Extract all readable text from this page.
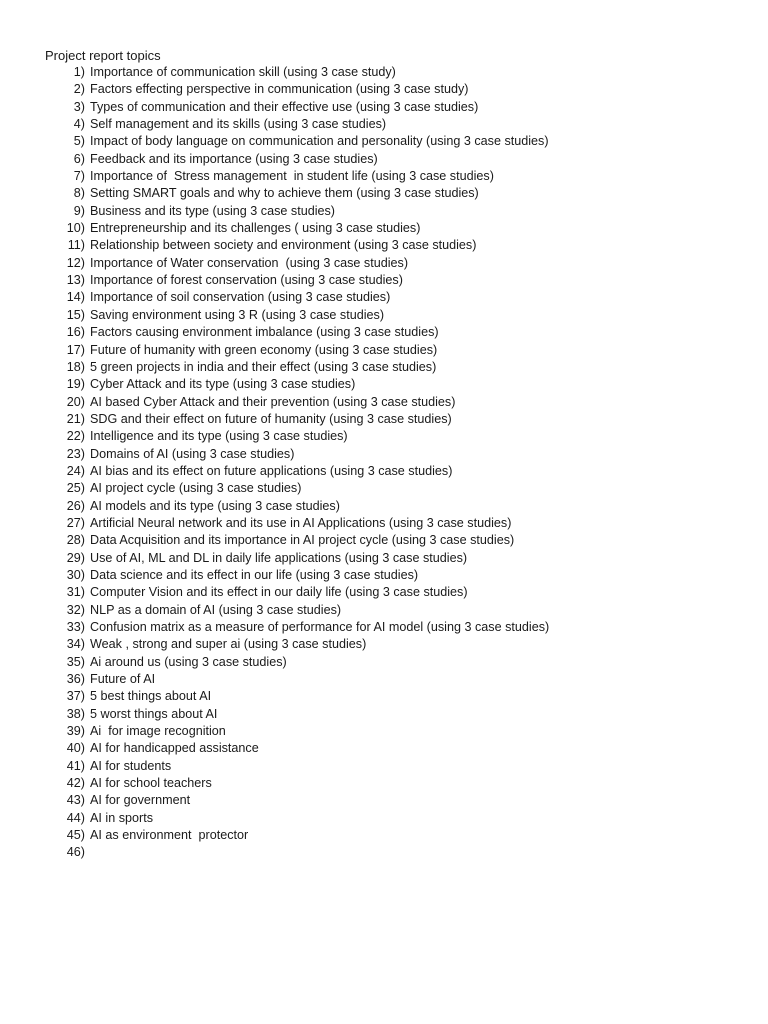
Project report topics
1) Importance of communication skill (using 3 case study)
2) Factors effecting perspective in communication (using 3 case study)
3) Types of communication and their effective use (using 3 case studies)
4) Self management and its skills (using 3 case studies)
5) Impact of body language on communication and personality (using 3 case studies)
6) Feedback and its importance (using 3 case studies)
7) Importance of  Stress management  in student life (using 3 case studies)
8) Setting SMART goals and why to achieve them (using 3 case studies)
9) Business and its type (using 3 case studies)
10) Entrepreneurship and its challenges ( using 3 case studies)
11) Relationship between society and environment (using 3 case studies)
12) Importance of Water conservation  (using 3 case studies)
13) Importance of forest conservation (using 3 case studies)
14) Importance of soil conservation (using 3 case studies)
15) Saving environment using 3 R (using 3 case studies)
16) Factors causing environment imbalance (using 3 case studies)
17) Future of humanity with green economy (using 3 case studies)
18) 5 green projects in india and their effect (using 3 case studies)
19) Cyber Attack and its type (using 3 case studies)
20) AI based Cyber Attack and their prevention (using 3 case studies)
21) SDG and their effect on future of humanity (using 3 case studies)
22) Intelligence and its type (using 3 case studies)
23) Domains of AI (using 3 case studies)
24) AI bias and its effect on future applications (using 3 case studies)
25) AI project cycle (using 3 case studies)
26) AI models and its type (using 3 case studies)
27) Artificial Neural network and its use in AI Applications (using 3 case studies)
28) Data Acquisition and its importance in AI project cycle (using 3 case studies)
29) Use of AI, ML and DL in daily life applications (using 3 case studies)
30) Data science and its effect in our life (using 3 case studies)
31) Computer Vision and its effect in our daily life (using 3 case studies)
32) NLP as a domain of AI (using 3 case studies)
33) Confusion matrix as a measure of performance for AI model (using 3 case studies)
34) Weak , strong and super ai (using 3 case studies)
35) Ai around us (using 3 case studies)
36) Future of AI
37) 5 best things about AI
38) 5 worst things about AI
39) Ai  for image recognition
40) AI for handicapped assistance
41) AI for students
42) AI for school teachers
43) AI for government
44) AI in sports
45) AI as environment  protector
46)
